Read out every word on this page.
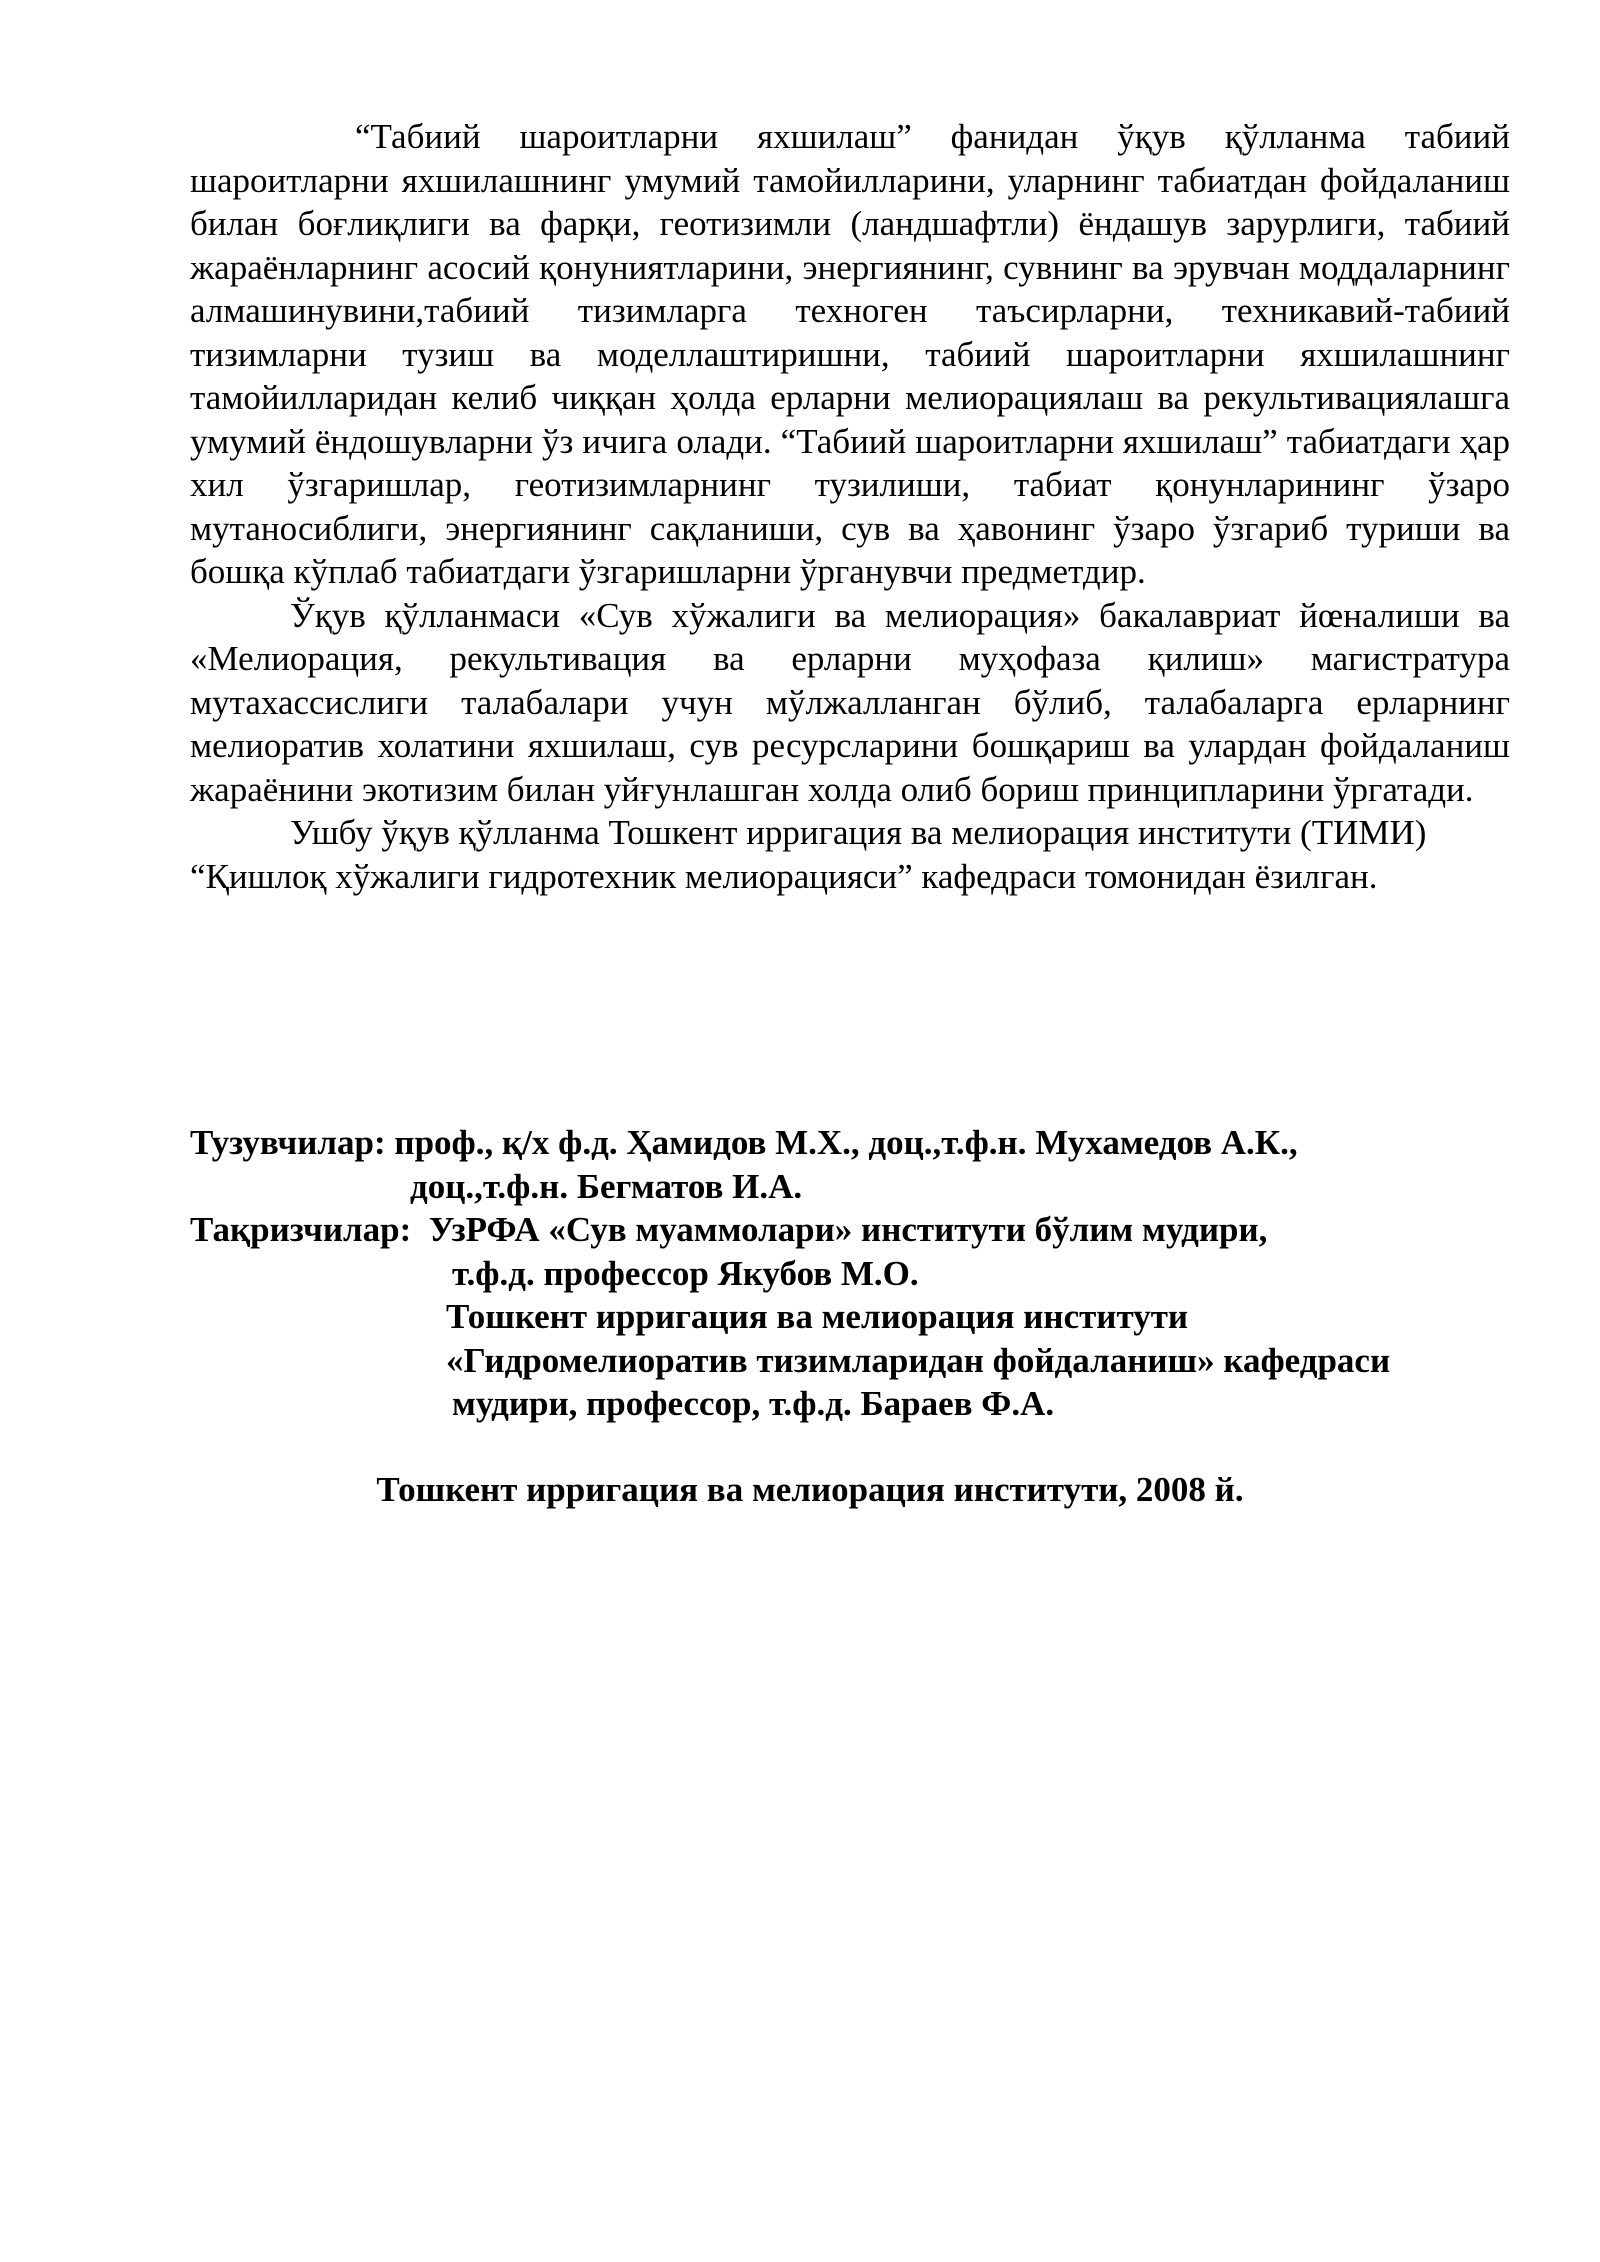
“Табиий шароитларни яхшилаш” фанидан ўқув қўлланма табиий шароитларни яхшилашнинг умумий тамойилларини, уларнинг табиатдан фойдаланиш билан боғлиқлиги ва фарқи, геотизимли (ландшафтли) ёндашув зарурлиги, табиий жараёнларнинг асосий қонуниятларини, энергиянинг, сувнинг ва эрувчан моддаларнинг алмашинувини,табиий тизимларга техноген таъсирларни, техникавий-табиий тизимларни тузиш ва моделлаштиришни, табиий шароитларни яхшилашнинг тамойилларидан келиб чиққан ҳолда ерларни мелиорациялаш ва рекультивациялашга умумий ёндошувларни ўз ичига олади. “Табиий шароитларни яхшилаш” табиатдаги ҳар хил ўзгаришлар, геотизимларнинг тузилиши, табиат қонунларининг ўзаро мутаносиблиги, энергиянинг сақланиши, сув ва ҳавонинг ўзаро ўзгариб туриши ва бошқа кўплаб табиатдаги ўзгаришларни ўрганувчи предметдир.

Ўқув қўлланмаси «Сув хўжалиги ва мелиорация» бакалавриат йœналиши ва «Мелиорация, рекультивация ва ерларни муҳофаза қилиш» магистратура мутахассислиги талабалари учун мўлжалланган бўлиб, талабаларга ерларнинг мелиоратив холатини яхшилаш, сув ресурсларини бошқариш ва улардан фойдаланиш жараёнини экотизим билан уйғунлашган холда олиб бориш принципларини ўргатади.

Ушбу ўқув қўлланма Тошкент ирригация ва мелиорация институти (ТИМИ) “Қишлоқ хўжалиги гидротехник мелиорацияси” кафедраси томонидан ёзилган.

Тузувчилар: проф., қ/х ф.д. Ҳамидов М.Х., доц.,т.ф.н. Мухамедов А.К.,

доц.,т.ф.н. Бегматов И.А.

Тақризчилар: УзРФА «Сув муаммолари» институти бўлим мудири,

т.ф.д. профессор Якубов М.О.

Тошкент ирригация ва мелиорация институти

«Гидромелиоратив тизимларидан фойдаланиш» кафедраси

мудири, профессор, т.ф.д. Бараев Ф.А.

Тошкент ирригация ва мелиорация институти, 2008 й.
